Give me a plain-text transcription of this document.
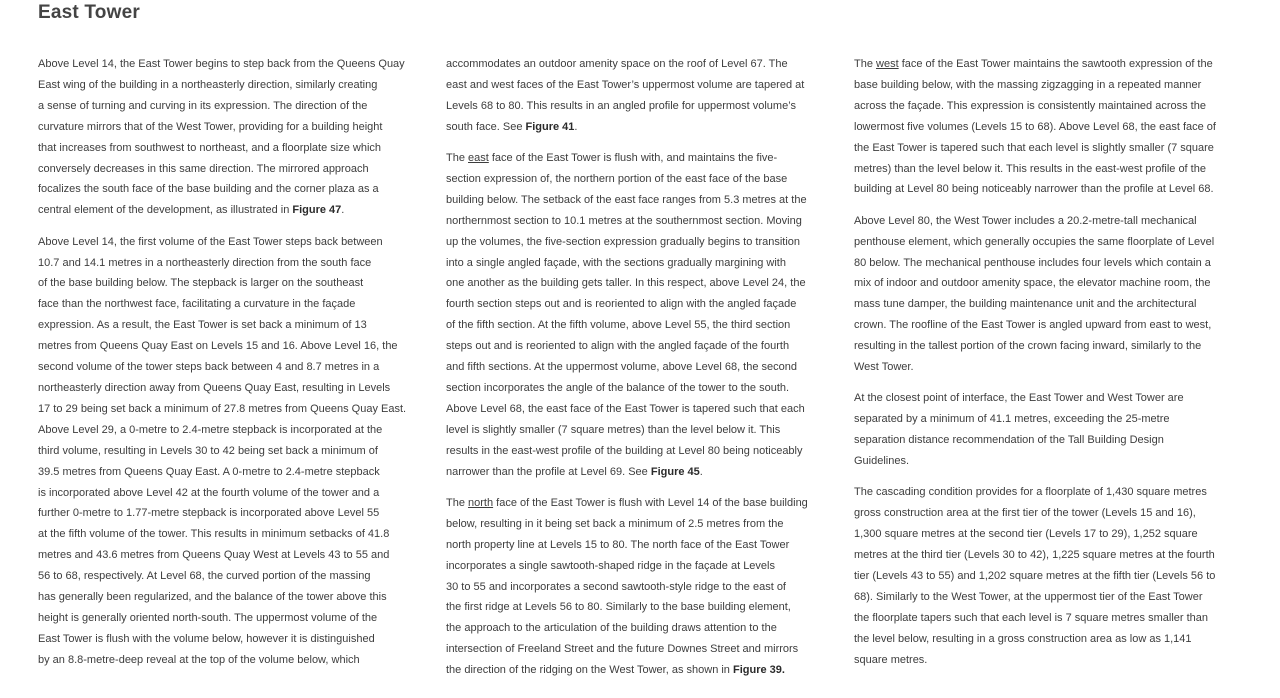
East Tower

Above Level 14, the East Tower begins to step back from the Queens Quay
East wing of the building in a northeasterly direction, similarly creating
a sense of turning and curving in its expression. The direction of the
curvature mirrors that of the West Tower, providing for a building height
that increases from southwest to northeast, and a floorplate size which
conversely decreases in this same direction. The mirrored approach
focalizes the south face of the base building and the corner plaza as a
central element of the development, as illustrated in Figure 47.

Above Level 14, the first volume of the East Tower steps back between
10.7 and 14.1 metres in a northeasterly direction from the south face
of the base building below. The stepback is larger on the southeast
face than the northwest face, facilitating a curvature in the façade
expression. As a result, the East Tower is set back a minimum of 13
metres from Queens Quay East on Levels 15 and 16. Above Level 16, the
second volume of the tower steps back between 4 and 8.7 metres in a
northeasterly direction away from Queens Quay East, resulting in Levels
17 to 29 being set back a minimum of 27.8 metres from Queens Quay East.
Above Level 29, a 0-metre to 2.4-metre stepback is incorporated at the
third volume, resulting in Levels 30 to 42 being set back a minimum of
39.5 metres from Queens Quay East. A 0-metre to 2.4-metre stepback
is incorporated above Level 42 at the fourth volume of the tower and a
further 0-metre to 1.77-metre stepback is incorporated above Level 55
at the fifth volume of the tower. This results in minimum setbacks of 41.8
metres and 43.6 metres from Queens Quay West at Levels 43 to 55 and
56 to 68, respectively. At Level 68, the curved portion of the massing
has generally been regularized, and the balance of the tower above this
height is generally oriented north-south. The uppermost volume of the
East Tower is flush with the volume below, however it is distinguished
by an 8.8-metre-deep reveal at the top of the volume below, which

accommodates an outdoor amenity space on the roof of Level 67. The
east and west faces of the East Tower’s uppermost volume are tapered at
Levels 68 to 80. This results in an angled profile for uppermost volume’s
south face. See Figure 41.

The east face of the East Tower is flush with, and maintains the five-
section expression of, the northern portion of the east face of the base
building below. The setback of the east face ranges from 5.3 metres at the
northernmost section to 10.1 metres at the southernmost section. Moving
up the volumes, the five-section expression gradually begins to transition
into a single angled façade, with the sections gradually margining with
one another as the building gets taller. In this respect, above Level 24, the
fourth section steps out and is reoriented to align with the angled façade
of the fifth section. At the fifth volume, above Level 55, the third section
steps out and is reoriented to align with the angled façade of the fourth
and fifth sections. At the uppermost volume, above Level 68, the second
section incorporates the angle of the balance of the tower to the south.
Above Level 68, the east face of the East Tower is tapered such that each
level is slightly smaller (7 square metres) than the level below it. This
results in the east-west profile of the building at Level 80 being noticeably
narrower than the profile at Level 69. See Figure 45.

The north face of the East Tower is flush with Level 14 of the base building
below, resulting in it being set back a minimum of 2.5 metres from the
north property line at Levels 15 to 80. The north face of the East Tower
incorporates a single sawtooth-shaped ridge in the façade at Levels
30 to 55 and incorporates a second sawtooth-style ridge to the east of
the first ridge at Levels 56 to 80. Similarly to the base building element,
the approach to the articulation of the building draws attention to the
intersection of Freeland Street and the future Downes Street and mirrors
the direction of the ridging on the West Tower, as shown in Figure 39.

The west face of the East Tower maintains the sawtooth expression of the
base building below, with the massing zigzagging in a repeated manner
across the façade. This expression is consistently maintained across the
lowermost five volumes (Levels 15 to 68). Above Level 68, the east face of
the East Tower is tapered such that each level is slightly smaller (7 square
metres) than the level below it. This results in the east-west profile of the
building at Level 80 being noticeably narrower than the profile at Level 68.

Above Level 80, the West Tower includes a 20.2-metre-tall mechanical
penthouse element, which generally occupies the same floorplate of Level
80 below. The mechanical penthouse includes four levels which contain a
mix of indoor and outdoor amenity space, the elevator machine room, the
mass tune damper, the building maintenance unit and the architectural
crown. The roofline of the East Tower is angled upward from east to west,
resulting in the tallest portion of the crown facing inward, similarly to the
West Tower.

At the closest point of interface, the East Tower and West Tower are
separated by a minimum of 41.1 metres, exceeding the 25-metre
separation distance recommendation of the Tall Building Design
Guidelines.

The cascading condition provides for a floorplate of 1,430 square metres
gross construction area at the first tier of the tower (Levels 15 and 16),
1,300 square metres at the second tier (Levels 17 to 29), 1,252 square
metres at the third tier (Levels 30 to 42), 1,225 square metres at the fourth
tier (Levels 43 to 55) and 1,202 square metres at the fifth tier (Levels 56 to
68). Similarly to the West Tower, at the uppermost tier of the East Tower
the floorplate tapers such that each level is 7 square metres smaller than
the level below, resulting in a gross construction area as low as 1,141
square metres.
